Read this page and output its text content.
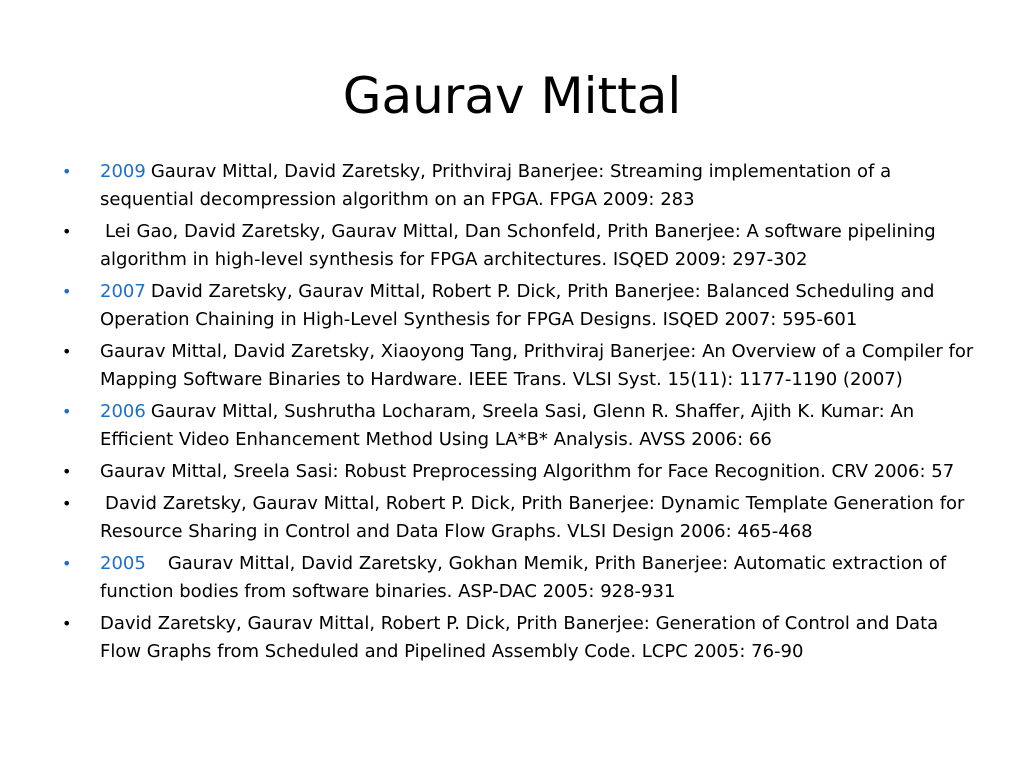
Gaurav Mittal
•	2009 Gaurav Mittal, David Zaretsky, Prithviraj Banerjee: Streaming implementation of a sequential decompression algorithm on an FPGA. FPGA 2009: 283
•	Lei Gao, David Zaretsky, Gaurav Mittal, Dan Schonfeld, Prith Banerjee: A software pipelining algorithm in high-level synthesis for FPGA architectures. ISQED 2009: 297-302
•	2007 David Zaretsky, Gaurav Mittal, Robert P. Dick, Prith Banerjee: Balanced Scheduling and Operation Chaining in High-Level Synthesis for FPGA Designs. ISQED 2007: 595-601
•	Gaurav Mittal, David Zaretsky, Xiaoyong Tang, Prithviraj Banerjee: An Overview of a Compiler for Mapping Software Binaries to Hardware. IEEE Trans. VLSI Syst. 15(11): 1177-1190 (2007)
•	2006 Gaurav Mittal, Sushrutha Locharam, Sreela Sasi, Glenn R. Shaffer, Ajith K. Kumar: An Efficient Video Enhancement Method Using LA*B* Analysis. AVSS 2006: 66
•	Gaurav Mittal, Sreela Sasi: Robust Preprocessing Algorithm for Face Recognition. CRV 2006: 57
•	David Zaretsky, Gaurav Mittal, Robert P. Dick, Prith Banerjee: Dynamic Template Generation for Resource Sharing in Control and Data Flow Graphs. VLSI Design 2006: 465-468
•	2005 Gaurav Mittal, David Zaretsky, Gokhan Memik, Prith Banerjee: Automatic extraction of function bodies from software binaries. ASP-DAC 2005: 928-931
•	David Zaretsky, Gaurav Mittal, Robert P. Dick, Prith Banerjee: Generation of Control and Data Flow Graphs from Scheduled and Pipelined Assembly Code. LCPC 2005: 76-90
